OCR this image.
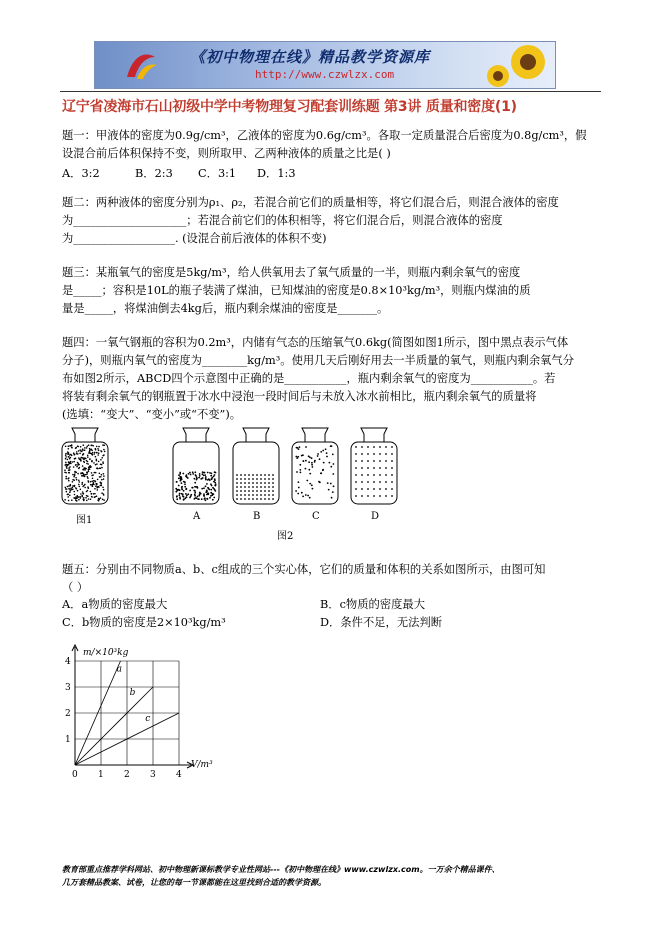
《初中物理在线》精品教学资源库
http://www.czwlzx.com
辽宁省凌海市石山初级中学中考物理复习配套训练题 第3讲 质量和密度(1)
题一：甲液体的密度为0.9g/cm³，乙液体的密度为0.6g/cm³。各取一定质量混合后密度为0.8g/cm³，假
设混合前后体积保持不变，则所取甲、乙两种液体的质量之比是( )
A．3:2	B．2:3 C．3:1 D．1:3
题二：两种液体的密度分别为ρ₁、ρ₂，若混合前它们的质量相等，将它们混合后，则混合液体的密度
为____________________；若混合前它们的体积相等，将它们混合后，则混合液体的密度
为__________________. (设混合前后液体的体积不变)
题三：某瓶氧气的密度是5kg/m³，给人供氧用去了氧气质量的一半，则瓶内剩余氧气的密度
是_____；容积是10L的瓶子装满了煤油，已知煤油的密度是0.8×10³kg/m³，则瓶内煤油的质
量是_____，将煤油倒去4kg后，瓶内剩余煤油的密度是_______。
题四：一氧气钢瓶的容积为0.2m³，内储有气态的压缩氧气0.6kg(简图如图1所示，图中黑点表示气体
分子)，则瓶内氧气的密度为________kg/m³。使用几天后刚好用去一半质量的氧气，则瓶内剩余氧气分
布如图2所示，ABCD四个示意图中正确的是___________，瓶内剩余氧气的密度为___________。若
将装有剩余氧气的钢瓶置于冰水中浸泡一段时间后与未放入冰水前相比，瓶内剩余氧气的质量将
(选填：“变大”、“变小”或“不变”)。
图1	A	B	C	D
图2
题五：分别由不同物质a、b、c组成的三个实心体，它们的质量和体积的关系如图所示，由图可知
（ ）
A．a物质的密度最大	B．c物质的密度最大
C．b物质的密度是2×10³kg/m³	D．条件不足，无法判断
0 1 2 3 4
1
2
3
4
m/×10³kg
V/m³
a
b
c
教育部重点推荐学科网站、初中物理新课标教学专业性网站---《初中物理在线》www.czwlzx.com。一万余个精品课件、
几万套精品教案、试卷，让您的每一节课都能在这里找到合适的教学资源。
